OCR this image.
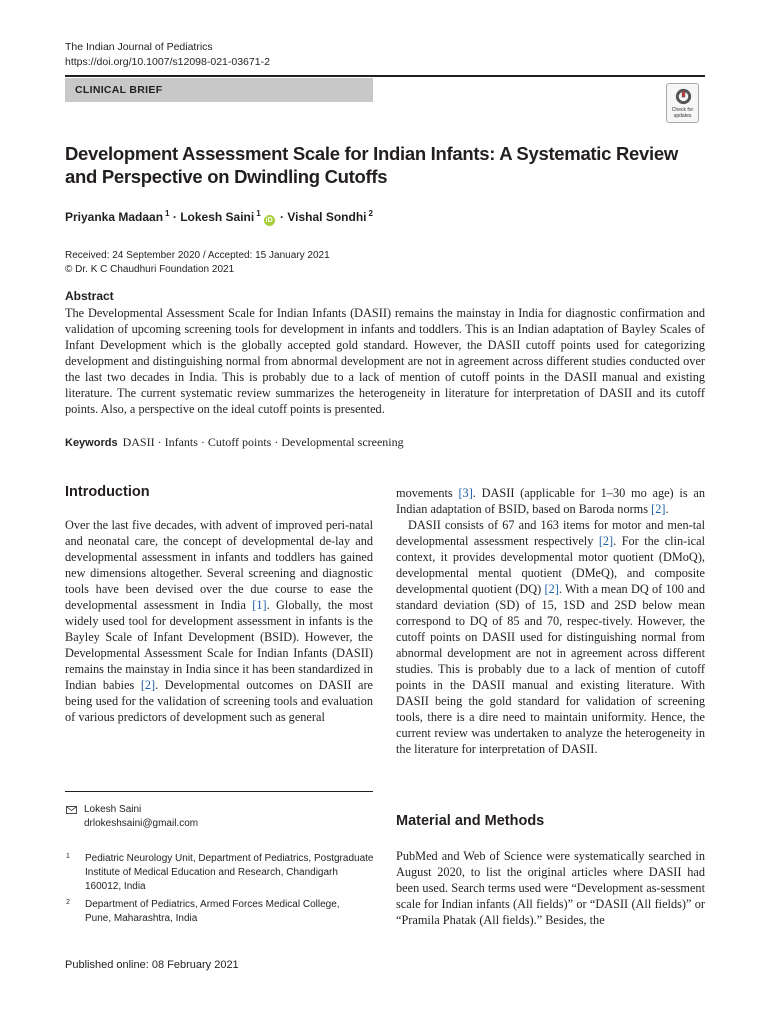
The Indian Journal of Pediatrics
https://doi.org/10.1007/s12098-021-03671-2
CLINICAL BRIEF
Check for updates
Development Assessment Scale for Indian Infants: A Systematic Review and Perspective on Dwindling Cutoffs
Priyanka Madaan $^1$ · Lokesh Saini $^1$iD · Vishal Sondhi $^2$
Received: 24 September 2020 / Accepted: 15 January 2021
© Dr. K C Chaudhuri Foundation 2021
Abstract
The Developmental Assessment Scale for Indian Infants (DASII) remains the mainstay in India for diagnostic confirmation and validation of upcoming screening tools for development in infants and toddlers. This is an Indian adaptation of Bayley Scales of Infant Development which is the globally accepted gold standard. However, the DASII cutoff points used for categorizing development and distinguishing normal from abnormal development are not in agreement across different studies conducted over the last two decades in India. This is probably due to a lack of mention of cutoff points in the DASII manual and existing literature. The current systematic review summarizes the heterogeneity in literature for interpretation of DASII and its cutoff points. Also, a perspective on the ideal cutoff points is presented.
Keywords DASII · Infants · Cutoff points · Developmental screening
Introduction

Over the last five decades, with advent of improved peri-natal and neonatal care, the concept of developmental de-lay and developmental assessment in infants and toddlers has gained new dimensions altogether. Several screening and diagnostic tools have been devised over the due course to ease the developmental assessment in India [1]. Globally, the most widely used tool for development assessment in infants is the Bayley Scale of Infant Development (BSID). However, the Developmental Assessment Scale for Indian Infants (DASII) remains the mainstay in India since it has been standardized in Indian babies [2]. Developmental outcomes on DASII are being used for the validation of screening tools and evaluation of various predictors of development such as general

Lokesh Saini
drlokeshsaini@gmail.com
1 Pediatric Neurology Unit, Department of Pediatrics, Postgraduate Institute of Medical Education and Research, Chandigarh 160012, India
2 Department of Pediatrics, Armed Forces Medical College, Pune, Maharashtra, India
Published online: 08 February 2021

movements [3]. DASII (applicable for 1–30 mo age) is an Indian adaptation of BSID, based on Baroda norms [2].

DASII consists of 67 and 163 items for motor and men-tal developmental assessment respectively [2]. For the clin-ical context, it provides developmental motor quotient (DMoQ), developmental mental quotient (DMeQ), and composite developmental quotient (DQ) [2]. With a mean DQ of 100 and standard deviation (SD) of 15, 1SD and 2SD below mean correspond to DQ of 85 and 70, respec-tively. However, the cutoff points on DASII used for distinguishing normal from abnormal development are not in agreement across different studies. This is probably due to a lack of mention of cutoff points in the DASII manual and existing literature. With DASII being the gold standard for validation of screening tools, there is a dire need to maintain uniformity. Hence, the current review was undertaken to analyze the heterogeneity in the literature for interpretation of DASII.

Material and Methods

PubMed and Web of Science were systematically searched in August 2020, to list the original articles where DASII had been used. Search terms used were “Development as-sessment scale for Indian infants (All fields)” or “DASII (All fields)” or “Pramila Phatak (All fields).” Besides, the
